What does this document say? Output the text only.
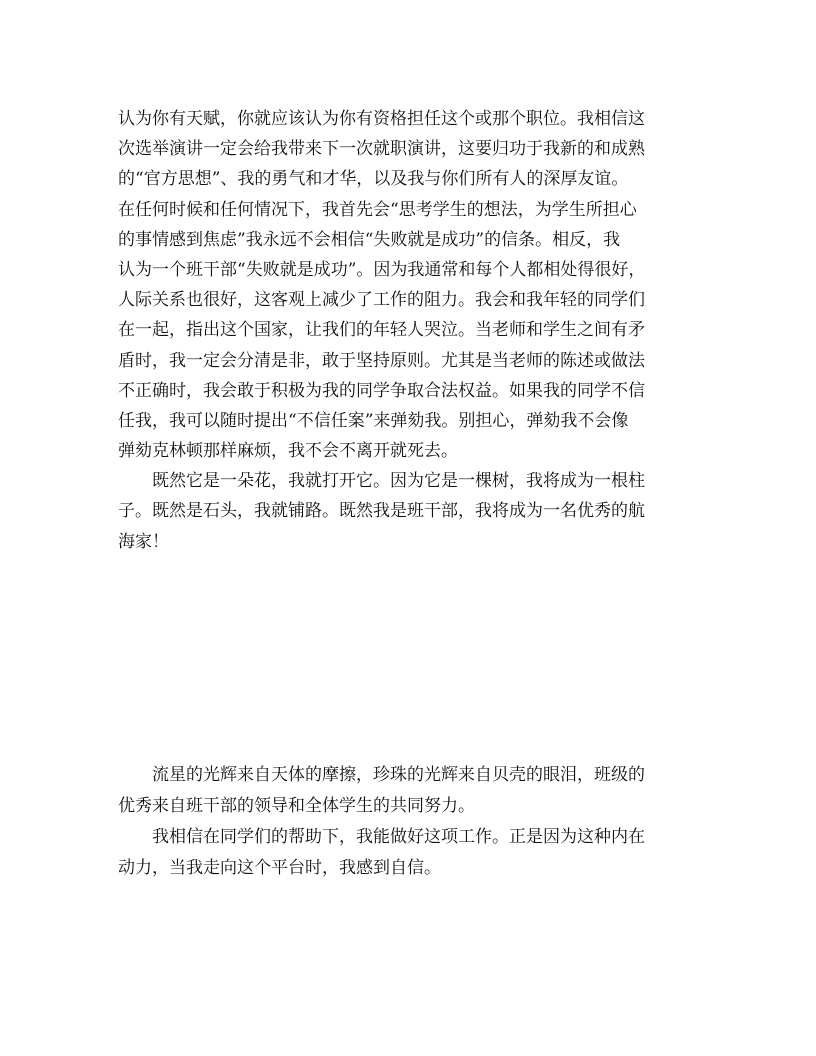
认为你有天赋，你就应该认为你有资格担任这个或那个职位。我相信这
次选举演讲一定会给我带来下一次就职演讲，这要归功于我新的和成熟
的“官方思想”、我的勇气和才华，以及我与你们所有人的深厚友谊。
在任何时候和任何情况下，我首先会“思考学生的想法，为学生所担心
的事情感到焦虑”我永远不会相信“失败就是成功”的信条。相反，我
认为一个班干部“失败就是成功”。因为我通常和每个人都相处得很好，
人际关系也很好，这客观上减少了工作的阻力。我会和我年轻的同学们
在一起，指出这个国家，让我们的年轻人哭泣。当老师和学生之间有矛
盾时，我一定会分清是非，敢于坚持原则。尤其是当老师的陈述或做法
不正确时，我会敢于积极为我的同学争取合法权益。如果我的同学不信
任我，我可以随时提出“不信任案”来弹劾我。别担心，弹劾我不会像
弹劾克林顿那样麻烦，我不会不离开就死去。
既然它是一朵花，我就打开它。因为它是一棵树，我将成为一根柱
子。既然是石头，我就铺路。既然我是班干部，我将成为一名优秀的航
海家！
流星的光辉来自天体的摩擦，珍珠的光辉来自贝壳的眼泪，班级的
优秀来自班干部的领导和全体学生的共同努力。
我相信在同学们的帮助下，我能做好这项工作。正是因为这种内在
动力，当我走向这个平台时，我感到自信。
